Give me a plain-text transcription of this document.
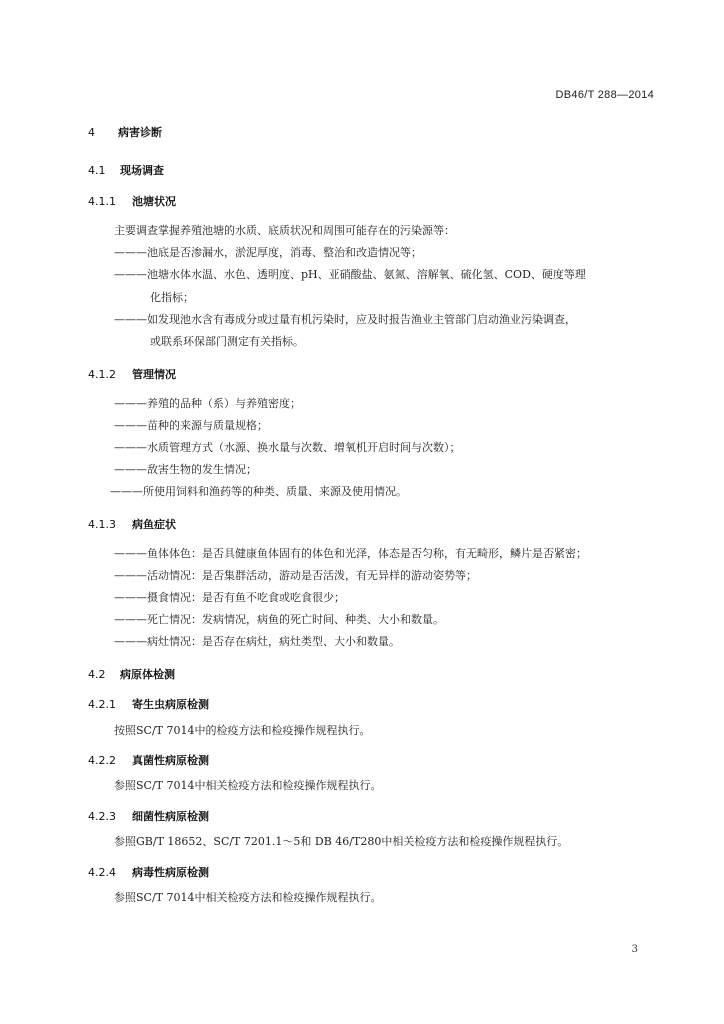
DB46/T 288—2014
4 病害诊断
4.1 现场调查
4.1.1 池塘状况
主要调查掌握养殖池塘的水质、底质状况和周围可能存在的污染源等：
———池底是否渗漏水，淤泥厚度，消毒、整治和改造情况等；
———池塘水体水温、水色、透明度、pH、亚硝酸盐、氨氮、溶解氧、硫化氢、COD、硬度等理
化指标；
———如发现池水含有毒成分或过量有机污染时，应及时报告渔业主管部门启动渔业污染调查，
或联系环保部门测定有关指标。
4.1.2 管理情况
———养殖的品种（系）与养殖密度；
———苗种的来源与质量规格；
———水质管理方式（水源、换水量与次数、增氧机开启时间与次数）；
———敌害生物的发生情况；
———所使用饲料和渔药等的种类、质量、来源及使用情况。
4.1.3 病鱼症状
———鱼体体色：是否具健康鱼体固有的体色和光泽，体态是否匀称，有无畸形，鳞片是否紧密；
———活动情况：是否集群活动，游动是否活泼，有无异样的游动姿势等；
———摄食情况：是否有鱼不吃食或吃食很少；
———死亡情况：发病情况，病鱼的死亡时间、种类、大小和数量。
———病灶情况：是否存在病灶，病灶类型、大小和数量。
4.2 病原体检测
4.2.1 寄生虫病原检测
按照SC/T 7014中的检疫方法和检疫操作规程执行。
4.2.2 真菌性病原检测
参照SC/T 7014中相关检疫方法和检疫操作规程执行。
4.2.3 细菌性病原检测
参照GB/T 18652、SC/T 7201.1～5和 DB 46/T280中相关检疫方法和检疫操作规程执行。
4.2.4 病毒性病原检测
参照SC/T 7014中相关检疫方法和检疫操作规程执行。
3
